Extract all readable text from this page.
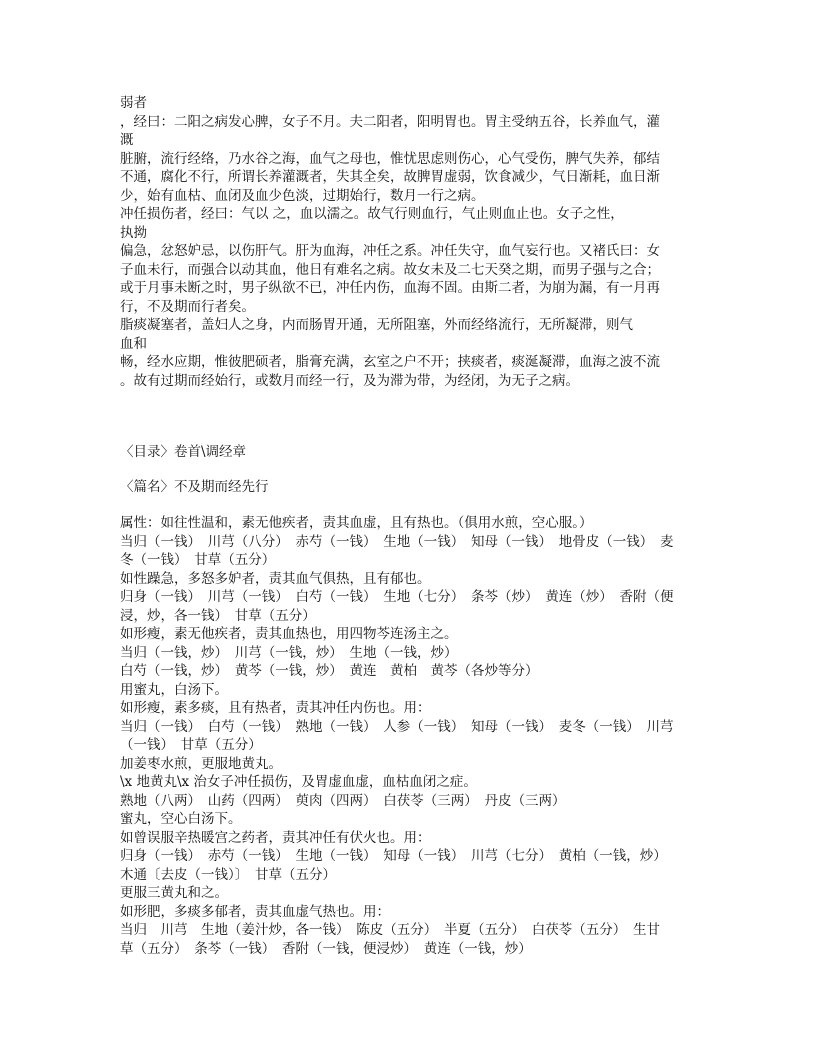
弱者
，经曰：二阳之病发心脾，女子不月。夫二阳者，阳明胃也。胃主受纳五谷，长养血气，灌
溉
脏腑，流行经络，乃水谷之海，血气之母也，惟忧思虑则伤心，心气受伤，脾气失养，郁结
不通，腐化不行，所谓长养灌溉者，失其全矣，故脾胃虚弱，饮食减少，气日渐耗，血日渐
少，始有血枯、血闭及血少色淡，过期始行，数月一行之病。
冲任损伤者，经曰：气以 之，血以濡之。故气行则血行，气止则血止也。女子之性，
执拗
偏急，忿怒妒忌，以伤肝气。肝为血海，冲任之系。冲任失守，血气妄行也。又褚氏曰：女
子血未行，而强合以动其血，他日有难名之病。故女未及二七天癸之期，而男子强与之合；
或于月事未断之时，男子纵欲不已，冲任内伤，血海不固。由斯二者，为崩为漏，有一月再
行，不及期而行者矣。
脂痰凝塞者，盖妇人之身，内而肠胃开通，无所阻塞，外而经络流行，无所凝滞，则气
血和
畅，经水应期，惟彼肥硕者，脂膏充满，玄室之户不开；挟痰者，痰涎凝滞，血海之波不流
。故有过期而经始行，或数月而经一行，及为滞为带，为经闭，为无子之病。
〈目录〉卷首\调经章
〈篇名〉不及期而经先行
属性：如往性温和，素无他疾者，责其血虚，且有热也。（俱用水煎，空心服。）
当归（一钱）　川芎（八分）　赤芍（一钱）　生地（一钱）　知母（一钱）　地骨皮（一钱）　麦
冬（一钱）　甘草（五分）
如性躁急，多怒多妒者，责其血气俱热，且有郁也。
归身（一钱）　川芎（一钱）　白芍（一钱）　生地（七分）　条芩（炒）　黄连（炒）　香附（便
浸，炒，各一钱）　甘草（五分）
如形瘦，素无他疾者，责其血热也，用四物芩连汤主之。
当归（一钱，炒）　川芎（一钱，炒）　生地（一钱，炒）
白芍（一钱，炒）　黄芩（一钱，炒）　黄连　黄柏　黄芩（各炒等分）
用蜜丸，白汤下。
如形瘦，素多痰，且有热者，责其冲任内伤也。用：
当归（一钱）　白芍（一钱）　熟地（一钱）　人参（一钱）　知母（一钱）　麦冬（一钱）　川芎
（一钱）　甘草（五分）
加姜枣水煎，更服地黄丸。
\x 地黄丸\x 治女子冲任损伤，及胃虚血虚，血枯血闭之症。
熟地（八两）　山药（四两）　萸肉（四两）　白茯苓（三两）　丹皮（三两）
蜜丸，空心白汤下。
如曾误服辛热暖宫之药者，责其冲任有伏火也。用：
归身（一钱）　赤芍（一钱）　生地（一钱）　知母（一钱）　川芎（七分）　黄柏（一钱，炒）
木通〔去皮（一钱）〕　甘草（五分）
更服三黄丸和之。
如形肥，多痰多郁者，责其血虚气热也。用：
当归　川芎　生地（姜汁炒，各一钱）　陈皮（五分）　半夏（五分）　白茯苓（五分）　生甘
草（五分）　条芩（一钱）　香附（一钱，便浸炒）　黄连（一钱，炒）
